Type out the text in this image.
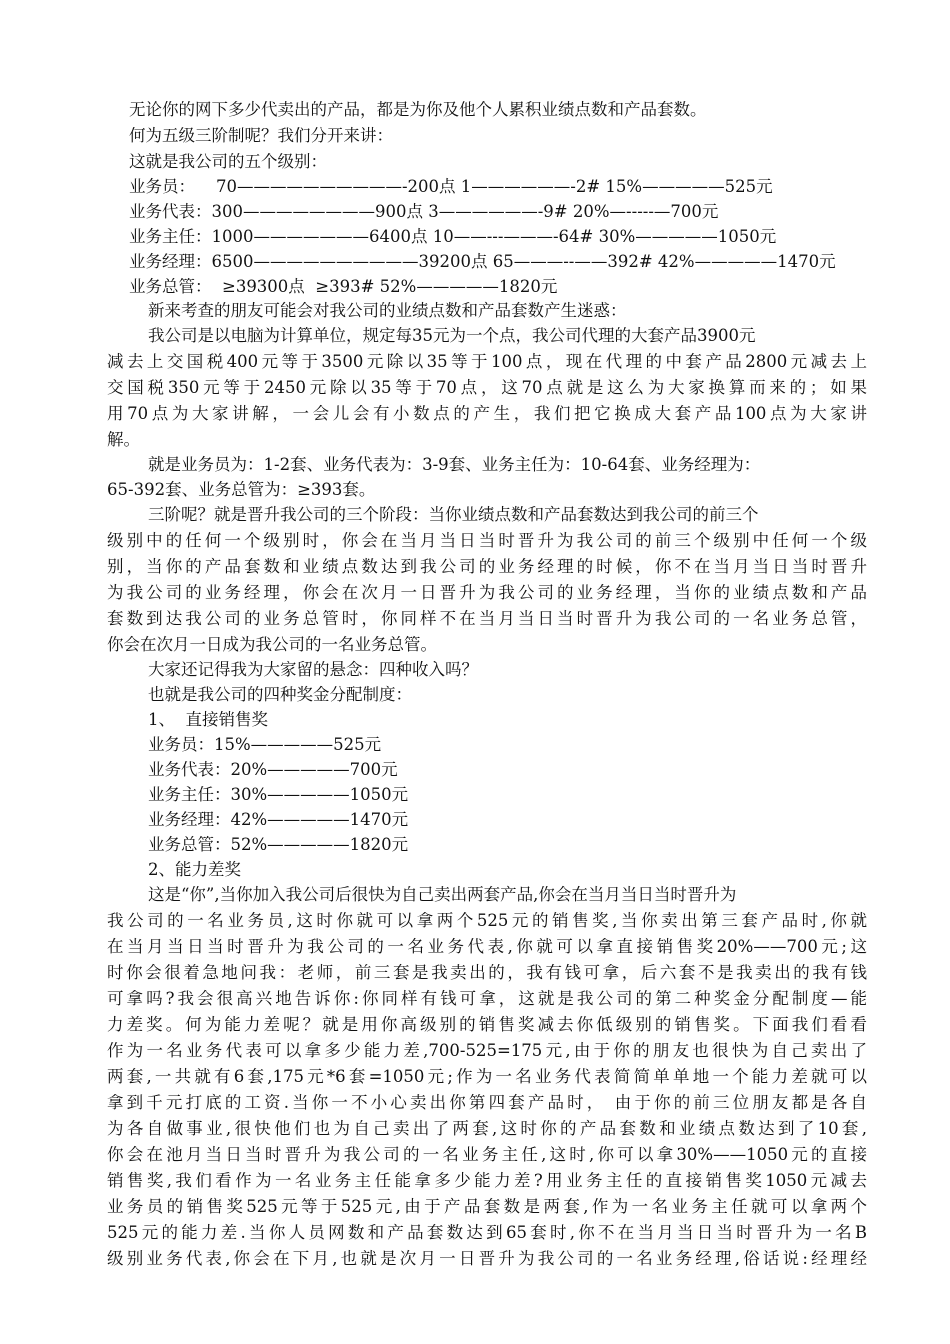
无论你的网下多少代卖出的产品，都是为你及他个人累积业绩点数和产品套数。
何为五级三阶制呢？我们分开来讲：
这就是我公司的五个级别：
业务员：    70——————————-200点 1——————-2# 15%—————525元
业务代表：300————————900点 3——————-9# 20%—-----—700元
业务主任：1000———————6400点 10——---———-64# 30%—————1050元
业务经理：6500——————————39200点 65———--——392# 42%—————1470元
业务总管：  ≥39300点  ≥393# 52%—————1820元
新来考查的朋友可能会对我公司的业绩点数和产品套数产生迷惑：
我公司是以电脑为计算单位，规定每35元为一个点，我公司代理的大套产品3900元
减去上交国税400元等于3500元除以35等于100点，现在代理的中套产品2800元减去上
交国税350元等于2450元除以35等于70点，这70点就是这么为大家换算而来的；如果
用70点为大家讲解，一会儿会有小数点的产生，我们把它换成大套产品100点为大家讲
解。
就是业务员为：1-2套、业务代表为：3-9套、业务主任为：10-64套、业务经理为：
65-392套、业务总管为：≥393套。
三阶呢？就是晋升我公司的三个阶段：当你业绩点数和产品套数达到我公司的前三个
级别中的任何一个级别时，你会在当月当日当时晋升为我公司的前三个级别中任何一个级
别，当你的产品套数和业绩点数达到我公司的业务经理的时候，你不在当月当日当时晋升
为我公司的业务经理，你会在次月一日晋升为我公司的业务经理，当你的业绩点数和产品
套数到达我公司的业务总管时，你同样不在当月当日当时晋升为我公司的一名业务总管，
你会在次月一日成为我公司的一名业务总管。
大家还记得我为大家留的悬念：四种收入吗？
也就是我公司的四种奖金分配制度：
1、  直接销售奖
业务员：15%—————525元
业务代表：20%—————700元
业务主任：30%—————1050元
业务经理：42%—————1470元
业务总管：52%—————1820元
2、能力差奖
这是“你”,当你加入我公司后很快为自己卖出两套产品,你会在当月当日当时晋升为
我公司的一名业务员,这时你就可以拿两个525元的销售奖,当你卖出第三套产品时,你就
在当月当日当时晋升为我公司的一名业务代表,你就可以拿直接销售奖20%——700元;这
时你会很着急地问我：老师，前三套是我卖出的，我有钱可拿，后六套不是我卖出的我有钱
可拿吗?我会很高兴地告诉你:你同样有钱可拿，这就是我公司的第二种奖金分配制度—能
力差奖。何为能力差呢？就是用你高级别的销售奖减去你低级别的销售奖。下面我们看看
作为一名业务代表可以拿多少能力差,700-525=175元,由于你的朋友也很快为自己卖出了
两套,一共就有6套,175元*6套=1050元;作为一名业务代表简简单单地一个能力差就可以
拿到千元打底的工资.当你一不小心卖出你第四套产品时， 由于你的前三位朋友都是各自
为各自做事业,很快他们也为自己卖出了两套,这时你的产品套数和业绩点数达到了10套,
你会在池月当日当时晋升为我公司的一名业务主任,这时,你可以拿30%——1050元的直接
销售奖,我们看作为一名业务主任能拿多少能力差?用业务主任的直接销售奖1050元减去
业务员的销售奖525元等于525元,由于产品套数是两套,作为一名业务主任就可以拿两个
525元的能力差.当你人员网数和产品套数达到65套时,你不在当月当日当时晋升为一名B
级别业务代表,你会在下月,也就是次月一日晋升为我公司的一名业务经理,俗话说:经理经
